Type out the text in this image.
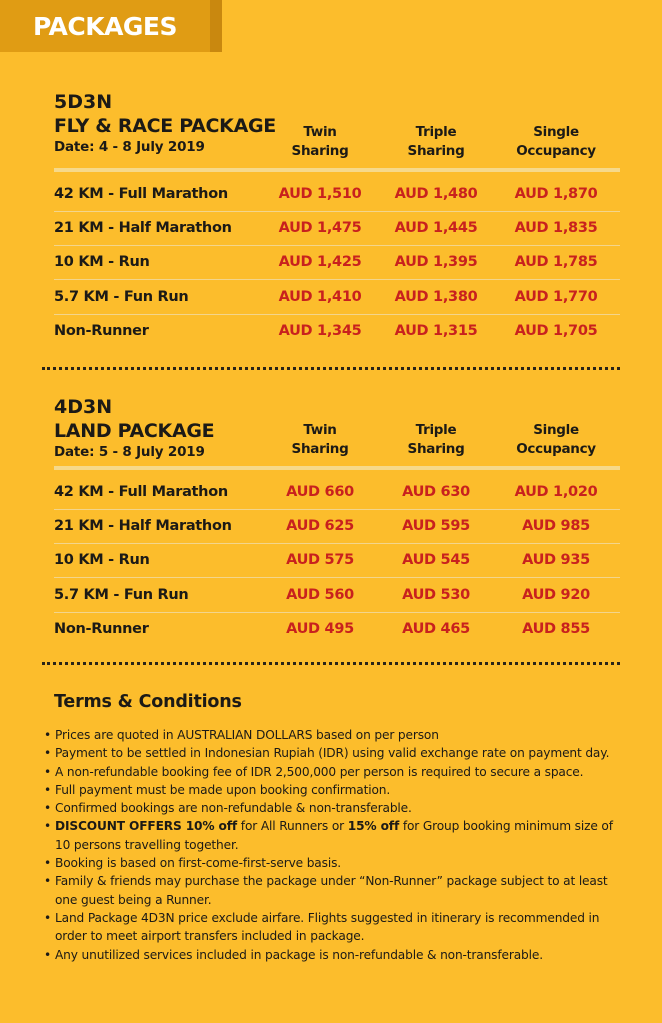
PACKAGES
5D3N
FLY & RACE PACKAGE
Date: 4 - 8 July 2019
Twin
Sharing
Triple
Sharing
Single
Occupancy
42 KM - Full Marathon	AUD 1,510	AUD 1,480	AUD 1,870
21 KM - Half Marathon	AUD 1,475	AUD 1,445	AUD 1,835
10 KM - Run	AUD 1,425	AUD 1,395	AUD 1,785
5.7 KM - Fun Run	AUD 1,410	AUD 1,380	AUD 1,770
Non-Runner	AUD 1,345	AUD 1,315	AUD 1,705
4D3N
LAND PACKAGE
Date: 5 - 8 July 2019
Twin
Sharing
Triple
Sharing
Single
Occupancy
42 KM - Full Marathon	AUD 660	AUD 630	AUD 1,020
21 KM - Half Marathon	AUD 625	AUD 595	AUD 985
10 KM - Run	AUD 575	AUD 545	AUD 935
5.7 KM - Fun Run	AUD 560	AUD 530	AUD 920
Non-Runner	AUD 495	AUD 465	AUD 855
Terms & Conditions
• Prices are quoted in AUSTRALIAN DOLLARS based on per person
• Payment to be settled in Indonesian Rupiah (IDR) using valid exchange rate on payment day.
• A non-refundable booking fee of IDR 2,500,000 per person is required to secure a space.
• Full payment must be made upon booking confirmation.
• Confirmed bookings are non-refundable & non-transferable.
• DISCOUNT OFFERS 10% off for All Runners or 15% off for Group booking minimum size of 10 persons travelling together.
• Booking is based on first-come-first-serve basis.
• Family & friends may purchase the package under “Non-Runner” package subject to at least one guest being a Runner.
• Land Package 4D3N price exclude airfare. Flights suggested in itinerary is recommended in order to meet airport transfers included in package.
• Any unutilized services included in package is non-refundable & non-transferable.
